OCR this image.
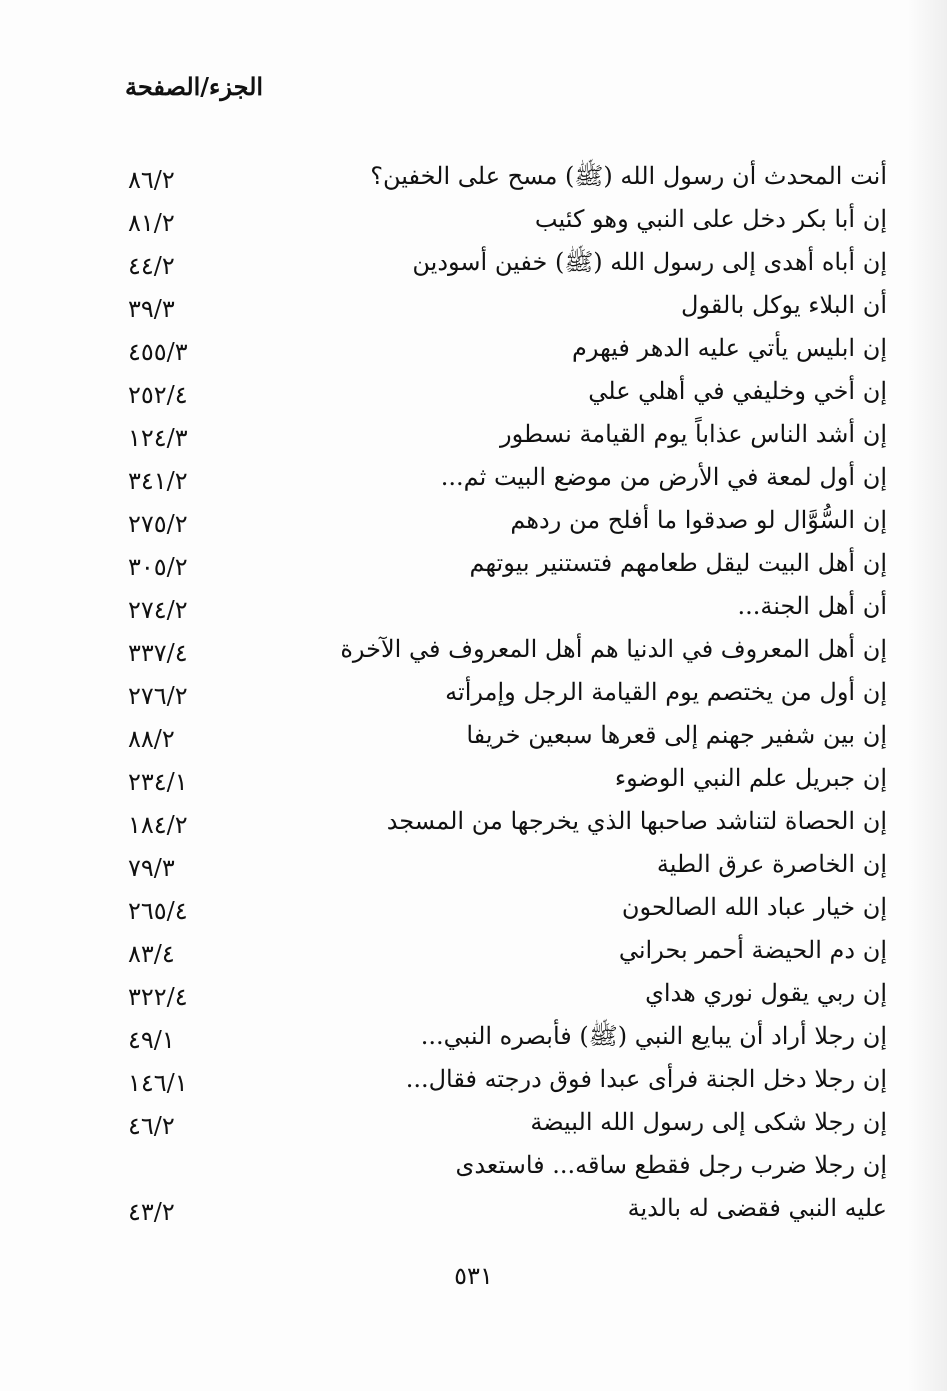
الجزء/الصفحة
أنت المحدث أن رسول الله (ﷺ) مسح على الخفين؟
٨٦/٢
إن أبا بكر دخل على النبي وهو كئيب
٨١/٢
إن أباه أهدى إلى رسول الله (ﷺ) خفين أسودين
٤٤/٢
أن البلاء يوكل بالقول
٣٩/٣
إن ابليس يأتي عليه الدهر فيهرم
٤٥٥/٣
إن أخي وخليفي في أهلي علي
٢٥٢/٤
إن أشد الناس عذاباً يوم القيامة نسطور
١٢٤/٣
إن أول لمعة في الأرض من موضع البيت ثم...
٣٤١/٢
إن السُّوَّال لو صدقوا ما أفلح من ردهم
٢٧٥/٢
إن أهل البيت ليقل طعامهم فتستنير بيوتهم
٣٠٥/٢
أن أهل الجنة...
٢٧٤/٢
إن أهل المعروف في الدنيا هم أهل المعروف في الآخرة
٣٣٧/٤
إن أول من يختصم يوم القيامة الرجل وإمرأته
٢٧٦/٢
إن بين شفير جهنم إلى قعرها سبعين خريفا
٨٨/٢
إن جبريل علم النبي الوضوء
٢٣٤/١
إن الحصاة لتناشد صاحبها الذي يخرجها من المسجد
١٨٤/٢
إن الخاصرة عرق الطية
٧٩/٣
إن خيار عباد الله الصالحون
٢٦٥/٤
إن دم الحيضة أحمر بحراني
٨٣/٤
إن ربي يقول نوري هداي
٣٢٢/٤
إن رجلا أراد أن يبايع النبي (ﷺ) فأبصره النبي...
٤٩/١
إن رجلا دخل الجنة فرأى عبدا فوق درجته فقال...
١٤٦/١
إن رجلا شكى إلى رسول الله البيضة
٤٦/٢
إن رجلا ضرب رجل فقطع ساقه... فاستعدى
عليه النبي فقضى له بالدية
٤٣/٢
٥٣١
